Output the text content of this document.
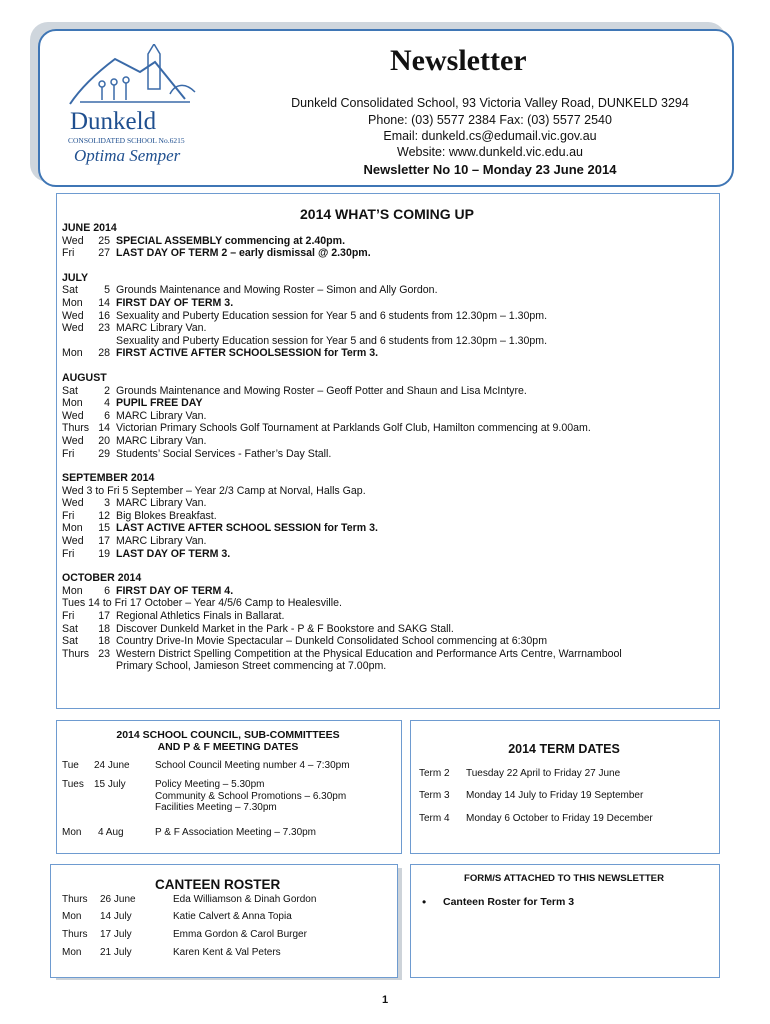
Dunkeld
CONSOLIDATED SCHOOL No.6215
Optima Semper
Newsletter
Dunkeld Consolidated School, 93 Victoria Valley Road, DUNKELD 3294
Phone: (03) 5577 2384 Fax: (03) 5577 2540
Email: dunkeld.cs@edumail.vic.gov.au
Website: www.dunkeld.vic.edu.au
Newsletter No 10 – Monday 23 June 2014
2014 WHAT’S COMING UP
JUNE 2014
Wed	25 SPECIAL ASSEMBLY commencing at 2.40pm.
Fri	27 LAST DAY OF TERM 2 – early dismissal @ 2.30pm.
JULY
Sat	5 Grounds Maintenance and Mowing Roster – Simon and Ally Gordon.
Mon	14 FIRST DAY OF TERM 3.
Wed	16 Sexuality and Puberty Education session for Year 5 and 6 students from 12.30pm – 1.30pm.
Wed	23 MARC Library Van.
Sexuality and Puberty Education session for Year 5 and 6 students from 12.30pm – 1.30pm.
Mon	28 FIRST ACTIVE AFTER SCHOOLSESSION for Term 3.
AUGUST
Sat	2 Grounds Maintenance and Mowing Roster – Geoff Potter and Shaun and Lisa McIntyre.
Mon	4 PUPIL FREE DAY
Wed	6 MARC Library Van.
Thurs 14 Victorian Primary Schools Golf Tournament at Parklands Golf Club, Hamilton commencing at 9.00am.
Wed	20 MARC Library Van.
Fri	29 Students’ Social Services - Father’s Day Stall.
SEPTEMBER 2014
Wed 3 to Fri 5 September – Year 2/3 Camp at Norval, Halls Gap.
Wed	3 MARC Library Van.
Fri	12 Big Blokes Breakfast.
Mon	15 LAST ACTIVE AFTER SCHOOL SESSION for Term 3.
Wed	17 MARC Library Van.
Fri	19 LAST DAY OF TERM 3.
OCTOBER 2014
Mon	6 FIRST DAY OF TERM 4.
Tues 14 to Fri 17 October – Year 4/5/6 Camp to Healesville.
Fri	17 Regional Athletics Finals in Ballarat.
Sat	18 Discover Dunkeld Market in the Park - P & F Bookstore and SAKG Stall.
Sat	18 Country Drive-In Movie Spectacular – Dunkeld Consolidated School commencing at 6:30pm
Thurs 23 Western District Spelling Competition at the Physical Education and Performance Arts Centre, Warrnambool
Primary School, Jamieson Street commencing at 7.00pm.
2014 SCHOOL COUNCIL, SUB-COMMITTEES
AND P & F MEETING DATES
Tue 24 June	School Council Meeting number 4 – 7:30pm
Tues 15 July	Policy Meeting – 5.30pm
Community & School Promotions – 6.30pm
Facilities Meeting – 7.30pm
Mon 4 Aug	P & F Association Meeting – 7.30pm
2014 TERM DATES
Term 2 Tuesday 22 April to Friday 27 June
Term 3 Monday 14 July to Friday 19 September
Term 4 Monday 6 October to Friday 19 December
CANTEEN ROSTER
Thurs 26 June	Eda Williamson & Dinah Gordon
Mon 14 July	Katie Calvert & Anna Topia
Thurs 17 July	Emma Gordon & Carol Burger
Mon 21 July	Karen Kent & Val Peters
FORM/S ATTACHED TO THIS NEWSLETTER
• Canteen Roster for Term 3
1
